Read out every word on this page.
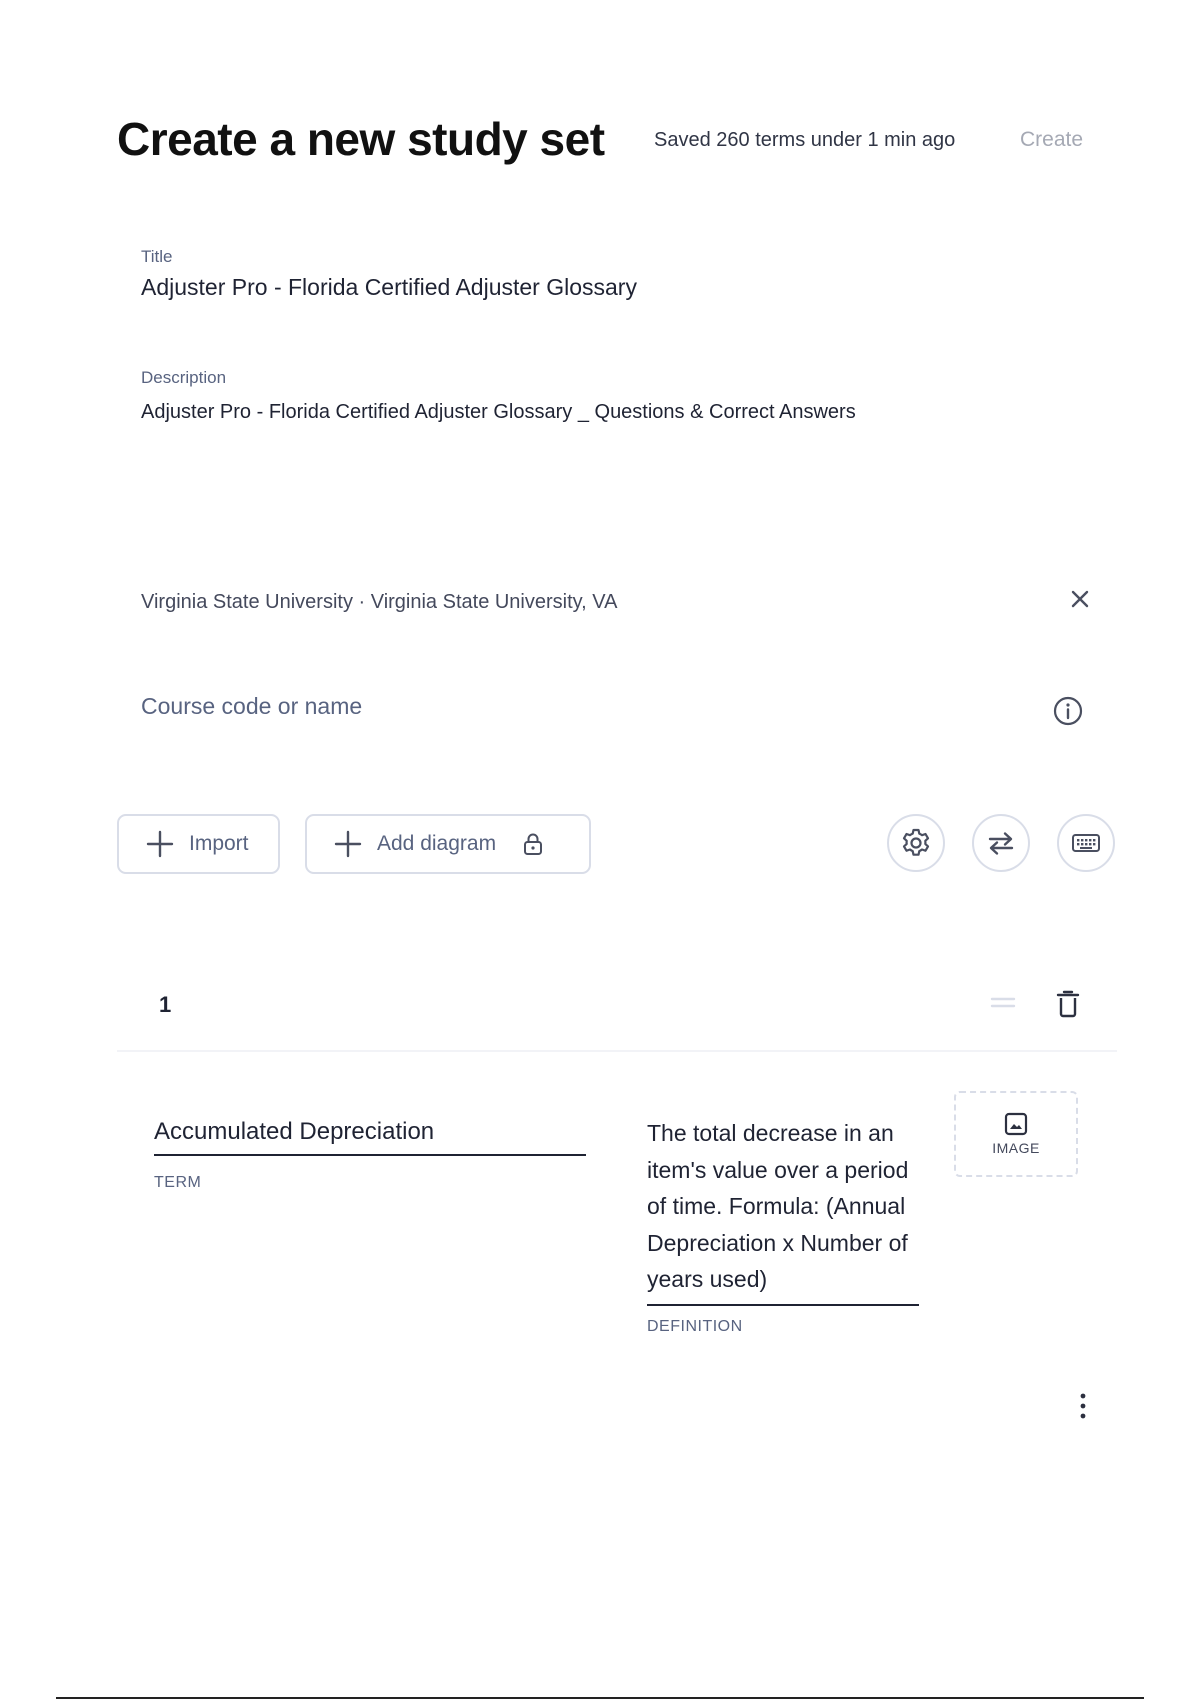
Create a new study set Saved 260 terms under 1 min ago	Create
Title
Adjuster Pro - Florida Certified Adjuster Glossary
Description
Adjuster Pro - Florida Certified Adjuster Glossary _ Questions & Correct Answers
Virginia State University · Virginia State University, VA
Course code or name
Import	Add diagram
1
Accumulated Depreciation
TERM
The total decrease in an item's value over a period of time. Formula: (Annual Depreciation x Number of years used)
DEFINITION
IMAGE
